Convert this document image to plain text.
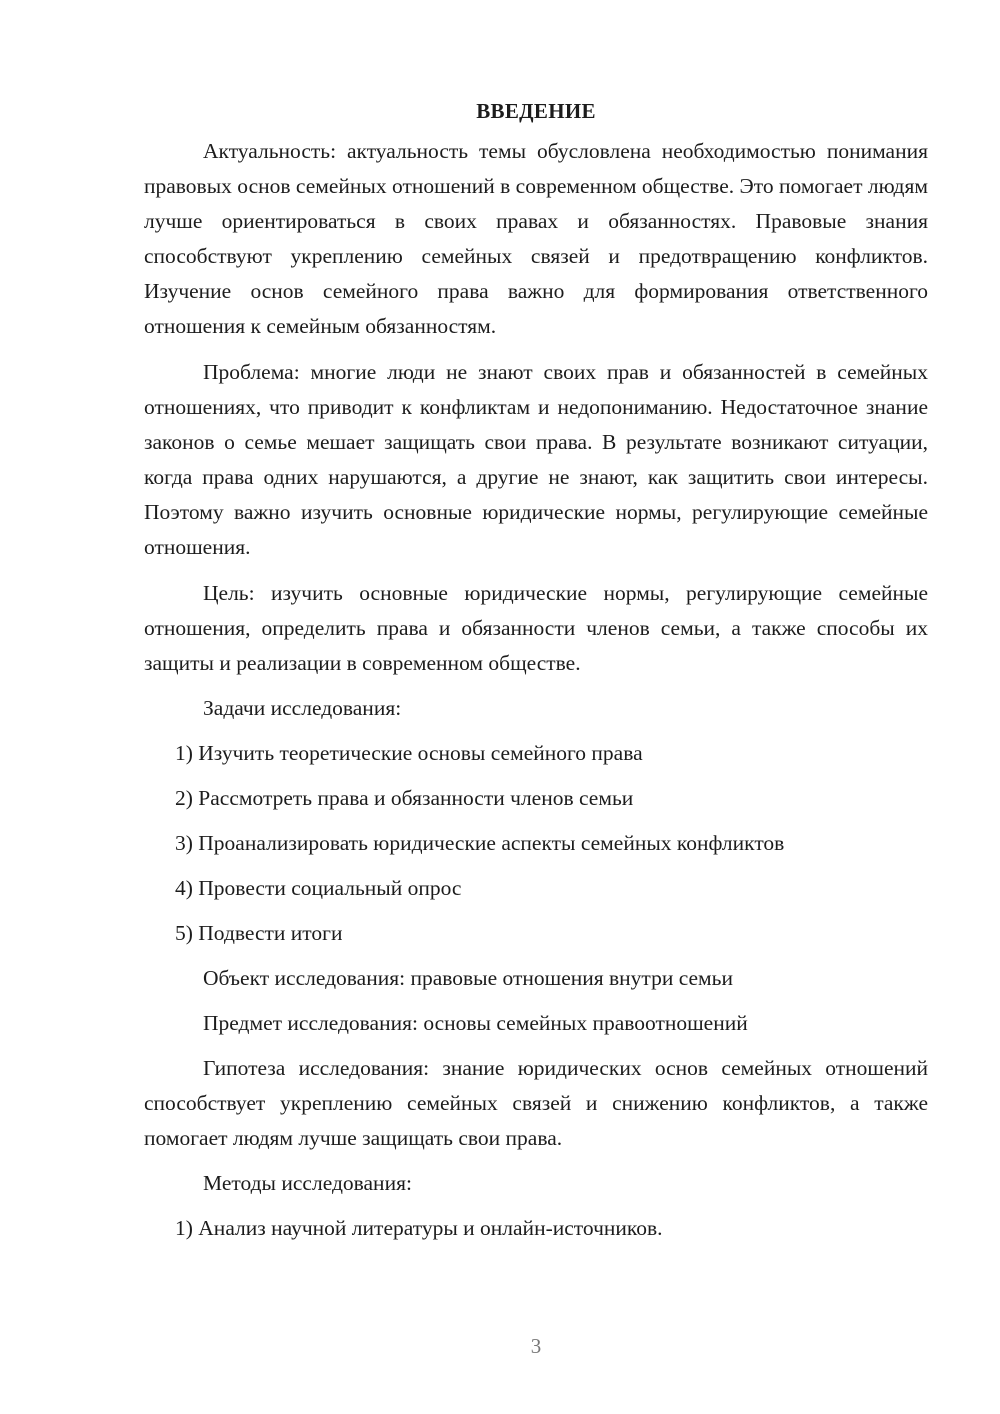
ВВЕДЕНИЕ

Актуальность: актуальность темы обусловлена необходимостью понимания правовых основ семейных отношений в современном обществе. Это помогает людям лучше ориентироваться в своих правах и обязанностях. Правовые знания способствуют укреплению семейных связей и предотвращению конфликтов. Изучение основ семейного права важно для формирования ответственного отношения к семейным обязанностям.

Проблема: многие люди не знают своих прав и обязанностей в семейных отношениях, что приводит к конфликтам и недопониманию. Недостаточное знание законов о семье мешает защищать свои права. В результате возникают ситуации, когда права одних нарушаются, а другие не знают, как защитить свои интересы. Поэтому важно изучить основные юридические нормы, регулирующие семейные отношения.

Цель: изучить основные юридические нормы, регулирующие семейные отношения, определить права и обязанности членов семьи, а также способы их защиты и реализации в современном обществе.

Задачи исследования:

1) Изучить теоретические основы семейного права

2) Рассмотреть права и обязанности членов семьи

3) Проанализировать юридические аспекты семейных конфликтов

4) Провести социальный опрос

5) Подвести итоги

Объект исследования: правовые отношения внутри семьи

Предмет исследования: основы семейных правоотношений

Гипотеза исследования: знание юридических основ семейных отношений способствует укреплению семейных связей и снижению конфликтов, а также помогает людям лучше защищать свои права.

Методы исследования:

1) Анализ научной литературы и онлайн-источников.

3
